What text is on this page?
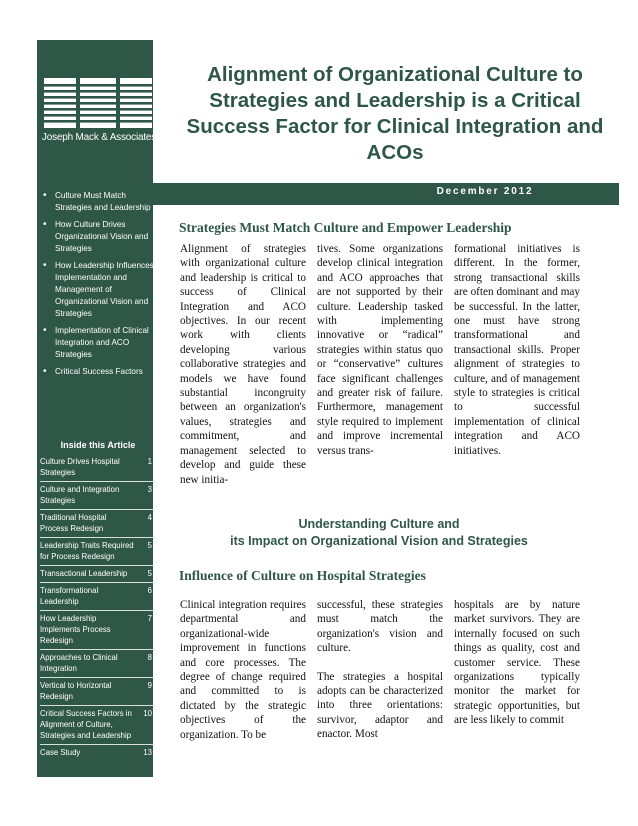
Joseph Mack & Associates
Alignment of Organizational Culture to Strategies and Leadership is a Critical Success Factor for Clinical Integration and ACOs
December 2012
• Culture Must Match Strategies and Leadership
• How Culture Drives Organizational Vision and Strategies
• How Leadership Influences Implementation and Management of Organizational Vision and Strategies
• Implementation of Clinical Integration and ACO Strategies
• Critical Success Factors
Inside this Article
Culture Drives Hospital Strategies
1
Culture and Integration Strategies
3
Traditional Hospital Process Redesign
4
Leadership Traits Required for Process Redesign
5
Transactional Leadership	5
Transformational Leadership
6
How Leadership Implements Process Redesign
7
Approaches to Clinical Integration
8
Vertical to Horizontal Redesign
9
Critical Success Factors in Alignment of Culture, Strategies and Leadership
10
Case Study	13
Strategies Must Match Culture and Empower Leadership
Alignment of strategies with organizational culture and leadership is critical to success of Clinical Integration and ACO objectives. In our recent work with clients developing various collaborative strategies and models we have found substantial incongruity between an organization's values, strategies and commitment, and management selected to develop and guide these new initia-
tives. Some organizations develop clinical integration and ACO approaches that are not supported by their culture. Leadership tasked with implementing innovative or “radical” strategies within status quo or “conservative” cultures face significant challenges and greater risk of failure. Furthermore, management style required to implement and improve incremental versus trans-
formational initiatives is different. In the former, strong transactional skills are often dominant and may be successful. In the latter, one must have strong transformational and transactional skills. Proper alignment of strategies to culture, and of management style to strategies is critical to successful implementation of clinical integration and ACO initiatives.
Understanding Culture and
its Impact on Organizational Vision and Strategies
Influence of Culture on Hospital Strategies
Clinical integration requires departmental and organizational-wide improvement in functions and core processes. The degree of change required and committed to is dictated by the strategic objectives of the organization. To be

successful, these strategies must match the organization's vision and culture.

The strategies a hospital adopts can be characterized into three orientations: survivor, adaptor and enactor. Most

hospitals are by nature market survivors. They are internally focused on such things as quality, cost and customer service. These organizations typically monitor the market for strategic opportunities, but are less likely to commit
